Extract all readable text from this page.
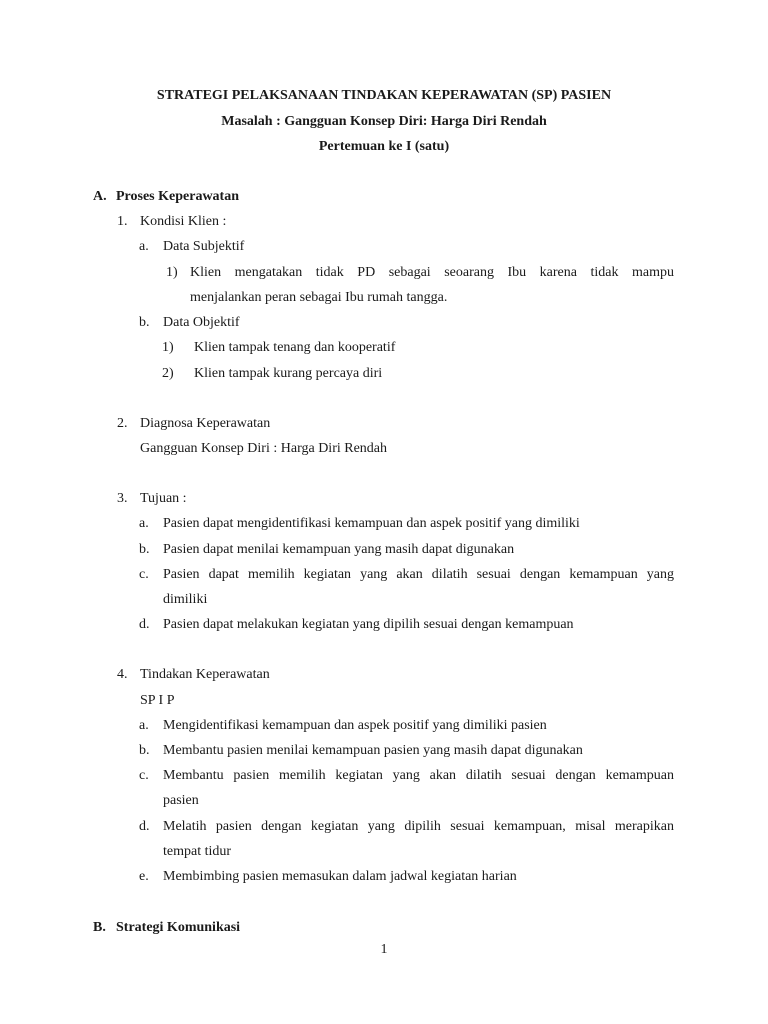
STRATEGI PELAKSANAAN TINDAKAN KEPERAWATAN (SP) PASIEN
Masalah : Gangguan Konsep Diri: Harga Diri Rendah
Pertemuan ke I (satu)
A. Proses Keperawatan
1. Kondisi Klien :
a. Data Subjektif
1) Klien mengatakan tidak PD sebagai seoarang Ibu karena tidak mampu
menjalankan peran sebagai Ibu rumah tangga.
b. Data Objektif
1) Klien tampak tenang dan kooperatif
2) Klien tampak kurang percaya diri
2. Diagnosa Keperawatan
Gangguan Konsep Diri : Harga Diri Rendah
3. Tujuan :
a. Pasien dapat mengidentifikasi kemampuan dan aspek positif yang dimiliki
b. Pasien dapat menilai kemampuan yang masih dapat digunakan
c. Pasien dapat memilih kegiatan yang akan dilatih sesuai dengan kemampuan yang
dimiliki
d. Pasien dapat melakukan kegiatan yang dipilih sesuai dengan kemampuan
4. Tindakan Keperawatan
SP I P
a. Mengidentifikasi kemampuan dan aspek positif yang dimiliki pasien
b. Membantu pasien menilai kemampuan pasien yang masih dapat digunakan
c. Membantu pasien memilih kegiatan yang akan dilatih sesuai dengan kemampuan
pasien
d. Melatih pasien dengan kegiatan yang dipilih sesuai kemampuan, misal merapikan
tempat tidur
e. Membimbing pasien memasukan dalam jadwal kegiatan harian
B. Strategi Komunikasi
1
